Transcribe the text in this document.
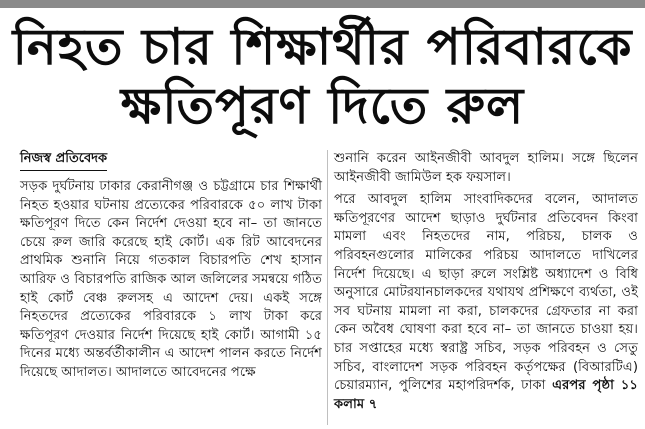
নিহত চার শিক্ষার্থীর পরিবারকে
ক্ষতিপূরণ দিতে রুল
নিজস্ব প্রতিবেদক

সড়ক দুর্ঘটনায় ঢাকার কেরানীগঞ্জ ও চট্টগ্রামে চার শিক্ষার্থী নিহত হওয়ার ঘটনায় প্রত্যেকের পরিবারকে ৫০ লাখ টাকা ক্ষতিপূরণ দিতে কেন নির্দেশ দেওয়া হবে না– তা জানতে চেয়ে রুল জারি করেছে হাই কোর্ট। এক রিট আবেদনের প্রাথমিক শুনানি নিয়ে গতকাল বিচারপতি শেখ হাসান আরিফ ও বিচারপতি রাজিক আল জলিলের সমন্বয়ে গঠিত হাই কোর্ট বেঞ্চ রুলসহ এ আদেশ দেয়। একই সঙ্গে নিহতদের প্রত্যেকের পরিবারকে ১ লাখ টাকা করে ক্ষতিপূরণ দেওয়ার নির্দেশ দিয়েছে হাই কোর্ট। আগামী ১৫ দিনের মধ্যে অন্তর্বর্তীকালীন এ আদেশ পালন করতে নির্দেশ দিয়েছে আদালত। আদালতে আবেদনের পক্ষে

শুনানি করেন আইনজীবী আবদুল হালিম। সঙ্গে ছিলেন আইনজীবী জামিউল হক ফয়সাল।

পরে আবদুল হালিম সাংবাদিকদের বলেন, আদালত ক্ষতিপূরণের আদেশ ছাড়াও দুর্ঘটনার প্রতিবেদন কিংবা মামলা এবং নিহতদের নাম, পরিচয়, চালক ও পরিবহনগুলোর মালিকের পরিচয় আদালতে দাখিলের নির্দেশ দিয়েছে। এ ছাড়া রুলে সংশ্লিষ্ট অধ্যাদেশ ও বিধি অনুসারে মোটরযানচালকদের যথাযথ প্রশিক্ষণে ব্যর্থতা, ওই সব ঘটনায় মামলা না করা, চালকদের গ্রেফতার না করা কেন অবৈধ ঘোষণা করা হবে না– তা জানতে চাওয়া হয়। চার সপ্তাহের মধ্যে স্বরাষ্ট্র সচিব, সড়ক পরিবহন ও সেতু সচিব, বাংলাদেশ সড়ক পরিবহন কর্তৃপক্ষের (বিআরটিএ) চেয়ারম্যান, পুলিশের মহাপরিদর্শক, ঢাকা এরপর পৃষ্ঠা ১১ কলাম ৭
